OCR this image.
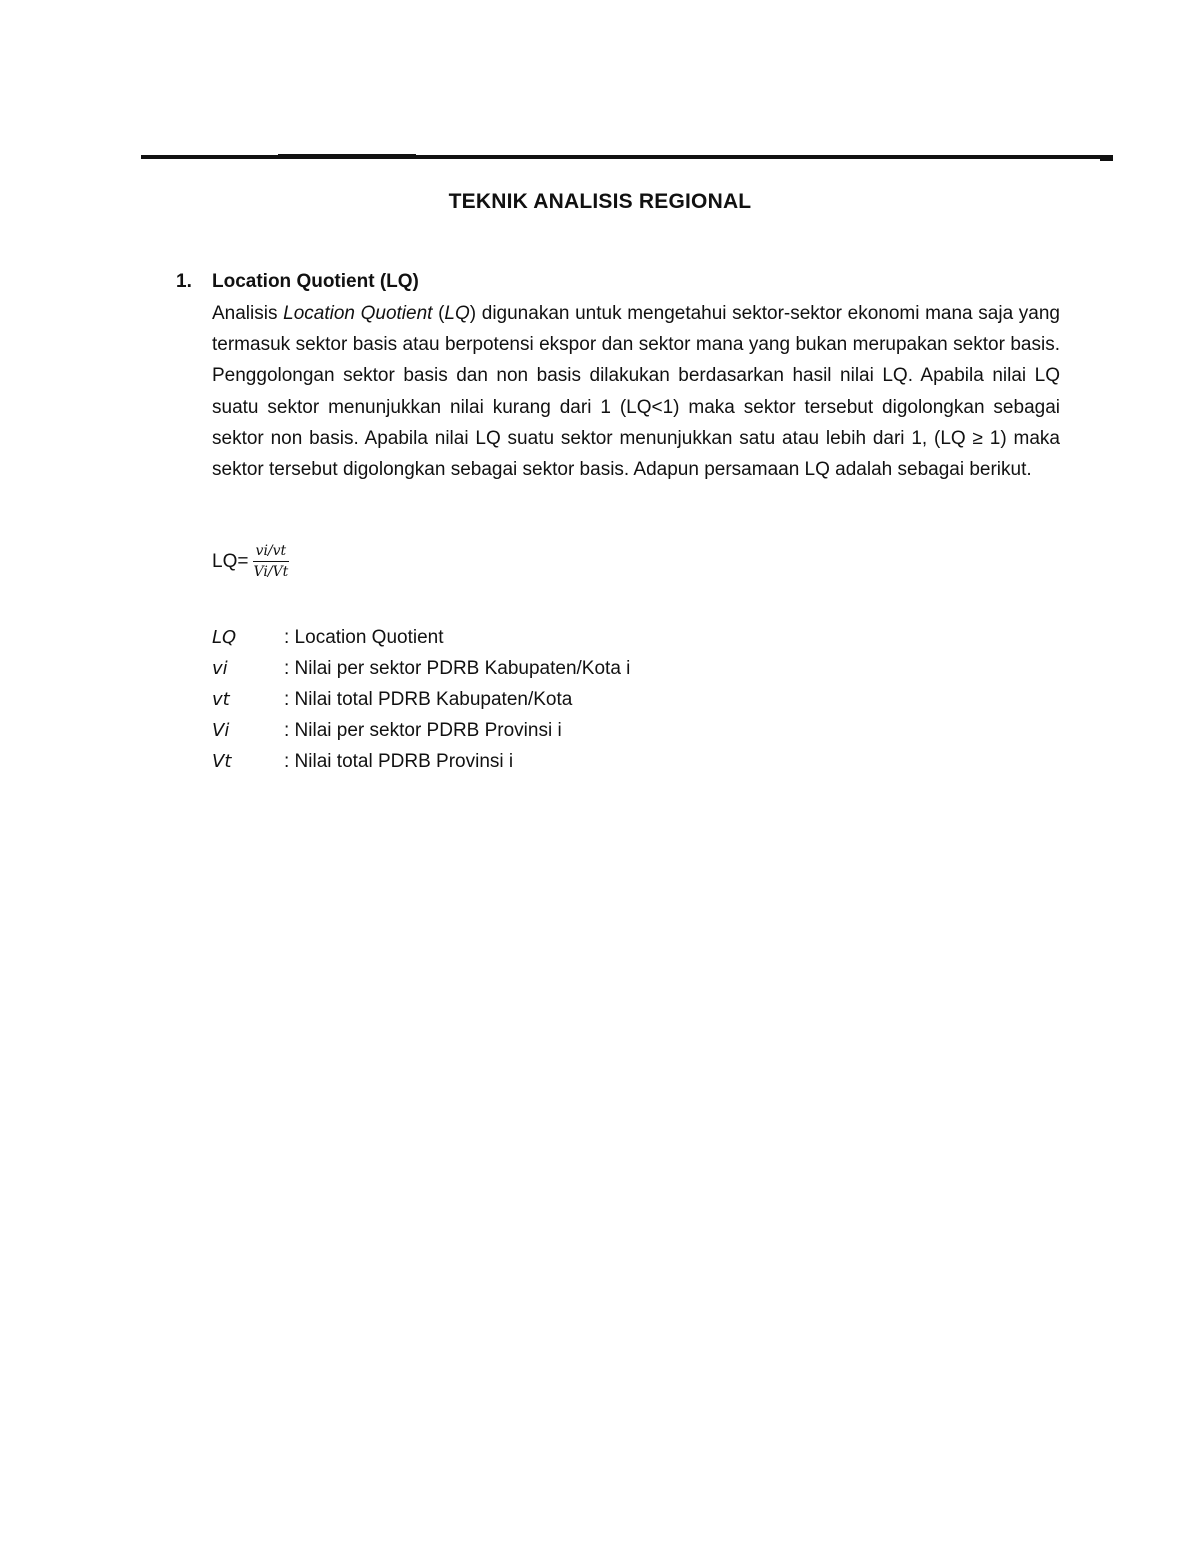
TEKNIK ANALISIS REGIONAL
1. Location Quotient (LQ)
Analisis Location Quotient (LQ) digunakan untuk mengetahui sektor-sektor ekonomi mana saja yang termasuk sektor basis atau berpotensi ekspor dan sektor mana yang bukan merupakan sektor basis. Penggolongan sektor basis dan non basis dilakukan berdasarkan hasil nilai LQ. Apabila nilai LQ suatu sektor menunjukkan nilai kurang dari 1 (LQ<1) maka sektor tersebut digolongkan sebagai sektor non basis. Apabila nilai LQ suatu sektor menunjukkan satu atau lebih dari 1, (LQ ≥ 1) maka sektor tersebut digolongkan sebagai sektor basis. Adapun persamaan LQ adalah sebagai berikut.
$LQ= \frac{vi/vt}{Vi/Vt}$
LQ	: Location Quotient
vi	: Nilai per sektor PDRB Kabupaten/Kota i
vt	: Nilai total PDRB Kabupaten/Kota
Vi	: Nilai per sektor PDRB Provinsi i
Vt	: Nilai total PDRB Provinsi i
